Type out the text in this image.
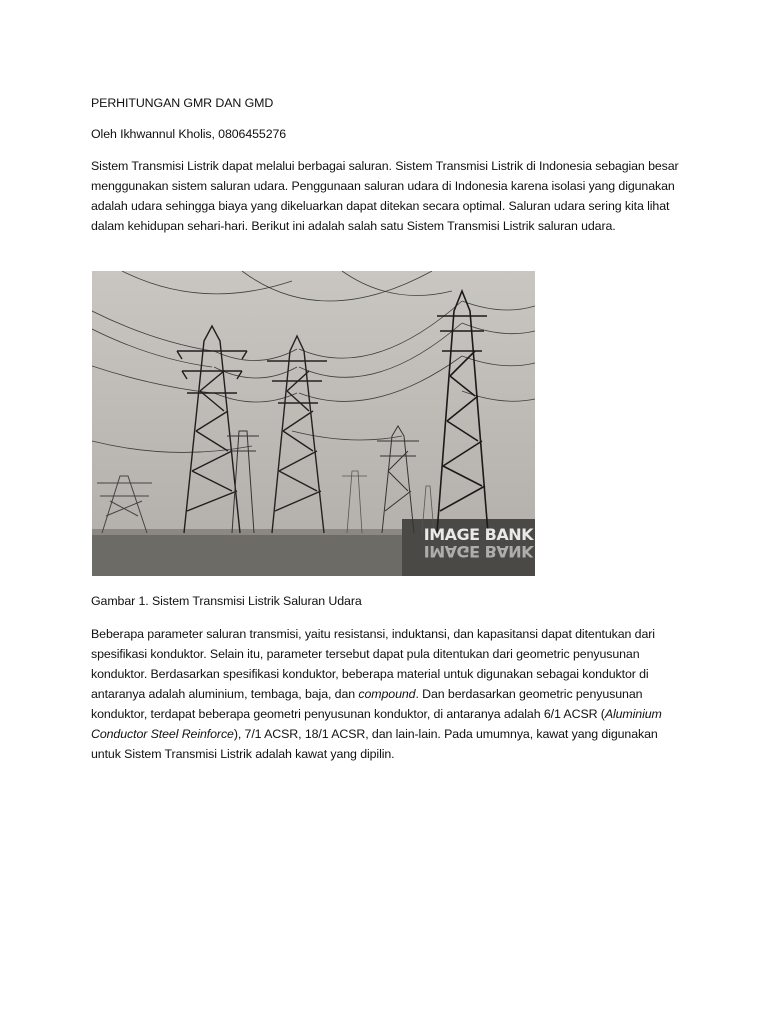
PERHITUNGAN GMR DAN GMD

Oleh Ikhwannul Kholis, 0806455276

Sistem Transmisi Listrik dapat melalui berbagai saluran. Sistem Transmisi Listrik di Indonesia sebagian besar menggunakan sistem saluran udara. Penggunaan saluran udara di Indonesia karena isolasi yang digunakan adalah udara sehingga biaya yang dikeluarkan dapat ditekan secara optimal. Saluran udara sering kita lihat dalam kehidupan sehari-hari. Berikut ini adalah salah satu Sistem Transmisi Listrik saluran udara.

IMAGE BANK
IMAGE BANK

Gambar 1. Sistem Transmisi Listrik Saluran Udara

Beberapa parameter saluran transmisi, yaitu resistansi, induktansi, dan kapasitansi dapat ditentukan dari spesifikasi konduktor. Selain itu, parameter tersebut dapat pula ditentukan dari geometric penyusunan konduktor. Berdasarkan spesifikasi konduktor, beberapa material untuk digunakan sebagai konduktor di antaranya adalah aluminium, tembaga, baja, dan compound. Dan berdasarkan geometric penyusunan konduktor, terdapat beberapa geometri penyusunan konduktor, di antaranya adalah 6/1 ACSR (Aluminium Conductor Steel Reinforce), 7/1 ACSR, 18/1 ACSR, dan lain-lain. Pada umumnya, kawat yang digunakan untuk Sistem Transmisi Listrik adalah kawat yang dipilin.
